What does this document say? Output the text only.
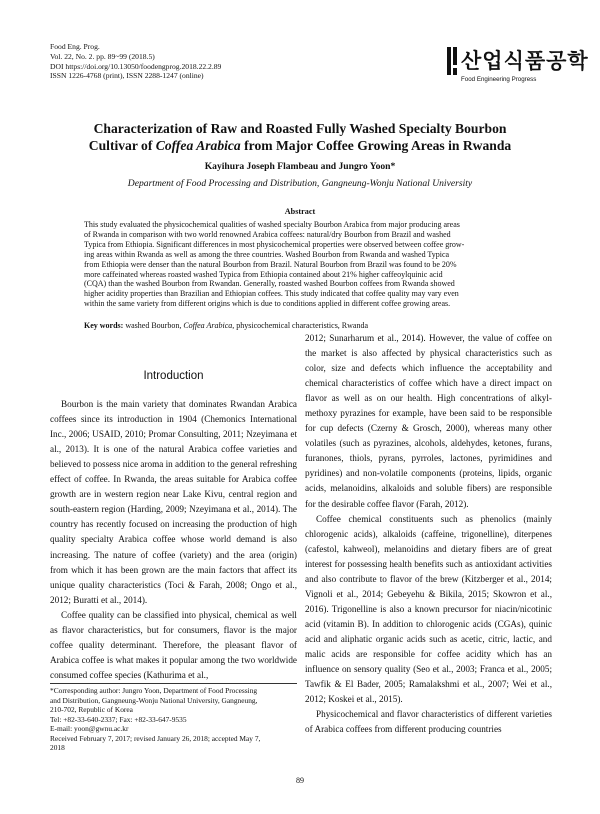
Food Eng. Prog.
Vol. 22, No. 2. pp. 89~99 (2018.5)
DOI https://doi.org/10.13050/foodengprog.2018.22.2.89
ISSN 1226-4768 (print), ISSN 2288-1247 (online)
산업식품공학
Food Engineering Progress
Characterization of Raw and Roasted Fully Washed Specialty Bourbon
Cultivar of Coffea Arabica from Major Coffee Growing Areas in Rwanda
Kayihura Joseph Flambeau and Jungro Yoon*
Department of Food Processing and Distribution, Gangneung-Wonju National University
Abstract
This study evaluated the physicochemical qualities of washed specialty Bourbon Arabica from major producing areas
of Rwanda in comparison with two world renowned Arabica coffees: natural/dry Bourbon from Brazil and washed
Typica from Ethiopia. Significant differences in most physicochemical properties were observed between coffee grow-
ing areas within Rwanda as well as among the three countries. Washed Bourbon from Rwanda and washed Typica
from Ethiopia were denser than the natural Bourbon from Brazil. Natural Bourbon from Brazil was found to be 20%
more caffeinated whereas roasted washed Typica from Ethiopia contained about 21% higher caffeoylquinic acid
(CQA) than the washed Bourbon from Rwandan. Generally, roasted washed Bourbon coffees from Rwanda showed
higher acidity properties than Brazilian and Ethiopian coffees. This study indicated that coffee quality may vary even
within the same variety from different origins which is due to conditions applied in different coffee growing areas.
Key words: washed Bourbon, Coffea Arabica, physicochemical characteristics, Rwanda
Introduction

Bourbon is the main variety that dominates Rwandan Arabica coffees since its introduction in 1904 (Chemonics International Inc., 2006; USAID, 2010; Promar Consulting, 2011; Nzeyimana et al., 2013). It is one of the natural Arabica coffee varieties and believed to possess nice aroma in addition to the general refreshing effect of coffee. In Rwanda, the areas suitable for Arabica coffee growth are in western region near Lake Kivu, central region and south-eastern region (Harding, 2009; Nzeyimana et al., 2014). The country has recently focused on increasing the production of high quality specialty Arabica coffee whose world demand is also increasing. The nature of coffee (variety) and the area (origin) from which it has been grown are the main factors that affect its unique quality characteristics (Toci & Farah, 2008; Ongo et al., 2012; Buratti et al., 2014).

Coffee quality can be classified into physical, chemical as well as flavor characteristics, but for consumers, flavor is the major coffee quality determinant. Therefore, the pleasant flavor of Arabica coffee is what makes it popular among the two worldwide consumed coffee species (Kathurima et al.,

*Corresponding author: Jungro Yoon, Department of Food Processing
and Distribution, Gangneung-Wonju National University, Gangneung,
210-702, Republic of Korea
Tel: +82-33-640-2337; Fax: +82-33-647-9535
E-mail: yoon@gwnu.ac.kr
Received February 7, 2017; revised January 26, 2018; accepted May 7,
2018

2012; Sunarharum et al., 2014). However, the value of coffee on the market is also affected by physical characteristics such as color, size and defects which influence the acceptability and chemical characteristics of coffee which have a direct impact on flavor as well as on our health. High concentrations of alkyl-methoxy pyrazines for example, have been said to be responsible for cup defects (Czerny & Grosch, 2000), whereas many other volatiles (such as pyrazines, alcohols, aldehydes, ketones, furans, furanones, thiols, pyrans, pyrroles, lactones, pyrimidines and pyridines) and non-volatile components (proteins, lipids, organic acids, melanoidins, alkaloids and soluble fibers) are responsible for the desirable coffee flavor (Farah, 2012).

Coffee chemical constituents such as phenolics (mainly chlorogenic acids), alkaloids (caffeine, trigonelline), diterpenes (cafestol, kahweol), melanoidins and dietary fibers are of great interest for possessing health benefits such as antioxidant activities and also contribute to flavor of the brew (Kitzberger et al., 2014; Vignoli et al., 2014; Gebeyehu & Bikila, 2015; Skowron et al., 2016). Trigonelline is also a known precursor for niacin/nicotinic acid (vitamin B). In addition to chlorogenic acids (CGAs), quinic acid and aliphatic organic acids such as acetic, citric, lactic, and malic acids are responsible for coffee acidity which has an influence on sensory quality (Seo et al., 2003; Franca et al., 2005; Tawfik & El Bader, 2005; Ramalakshmi et al., 2007; Wei et al., 2012; Koskei et al., 2015).

Physicochemical and flavor characteristics of different varieties of Arabica coffees from different producing countries

89
